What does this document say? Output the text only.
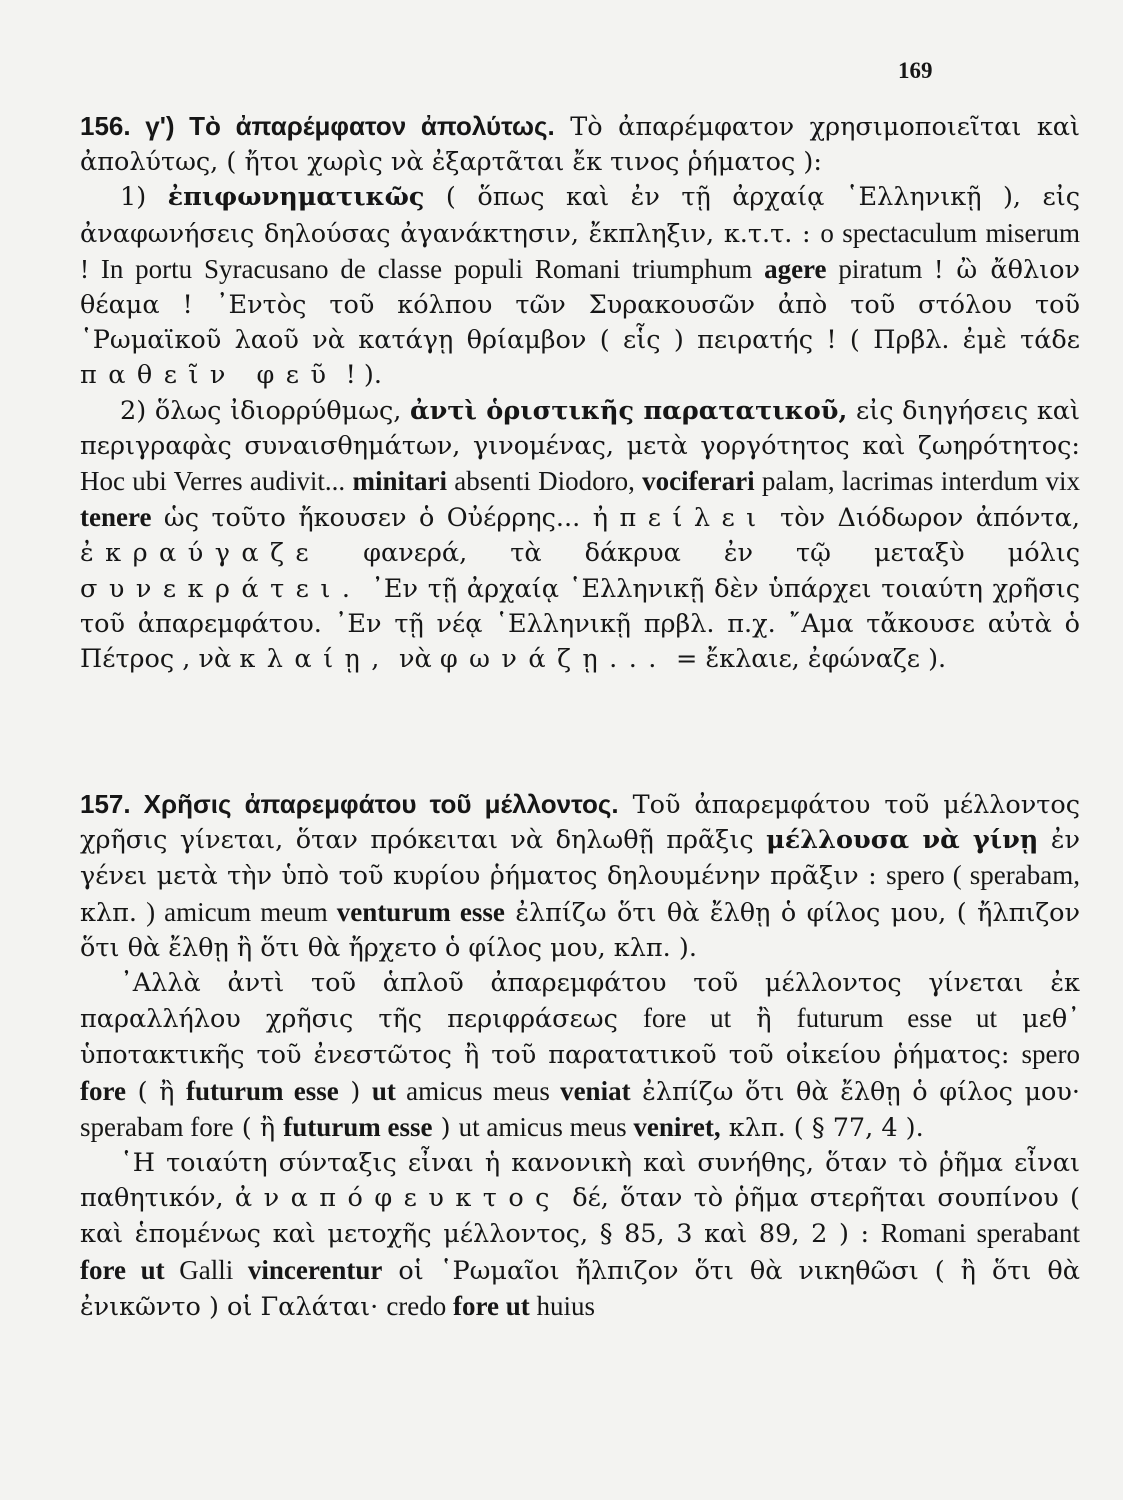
169

156. γ') Τὸ ἀπαρέμφατον ἀπολύτως. Τὸ ἀπαρέμφατον χρησιμοποιεῖται καὶ ἀπολύτως, ( ἤτοι χωρὶς νὰ ἐξαρτᾶται ἔκ τινος ῥήματος ):

1) ἐπιφωνηματικῶς ( ὅπως καὶ ἐν τῇ ἀρχαίᾳ ῾Ελληνικῇ ), εἰς ἀναφωνήσεις δηλούσας ἀγανάκτησιν, ἔκπληξιν, κ.τ.τ. : o spectaculum miserum ! In portu Syracusano de classe populi Romani triumphum agere piratum ! ὢ ἄθλιον θέαμα ! ᾿Εντὸς τοῦ κόλπου τῶν Συρακουσῶν ἀπὸ τοῦ στόλου τοῦ ῾Ρωμαϊκοῦ λαοῦ νὰ κατάγῃ θρίαμβον ( εἷς ) πειρατής ! ( Πρβλ. ἐμὲ τάδε παθεῖν φεῦ ! ).

2) ὅλως ἰδιορρύθμως, ἀντὶ ὁριστικῆς παρατατικοῦ, εἰς διηγήσεις καὶ περιγραφὰς συναισθημάτων, γινομένας, μετὰ γοργότητος καὶ ζωηρότητος: Hoc ubi Verres audivit... minitari absenti Diodoro, vociferari palam, lacrimas interdum vix tenere ὡς τοῦτο ἤκουσεν ὁ Οὐέρρης... ἠπείλει τὸν Διόδωρον ἀπόντα, ἐκραύγαζε φανερά, τὰ δάκρυα ἐν τῷ μεταξὺ μόλις συνεκράτει. ᾿Εν τῇ ἀρχαίᾳ ῾Ελληνικῇ δὲν ὑπάρχει τοιαύτη χρῆσις τοῦ ἀπαρεμφάτου. ᾿Εν τῇ νέᾳ ῾Ελληνικῇ πρβλ. π.χ. ῎Αμα τἄκουσε αὐτὰ ὁ Πέτρος , νὰ κλαίῃ, νὰ φωνάζῃ... = ἔκλαιε, ἐφώναζε ).

157. Χρῆσις ἀπαρεμφάτου τοῦ μέλλοντος. Τοῦ ἀπαρεμφάτου τοῦ μέλλοντος χρῆσις γίνεται, ὅταν πρόκειται νὰ δηλωθῇ πρᾶξις μέλλουσα νὰ γίνῃ ἐν γένει μετὰ τὴν ὑπὸ τοῦ κυρίου ῥήματος δηλουμένην πρᾶξιν : spero ( sperabam, κλπ. ) amicum meum venturum esse ἐλπίζω ὅτι θὰ ἔλθῃ ὁ φίλος μου, ( ἤλπιζον ὅτι θὰ ἔλθῃ ἢ ὅτι θὰ ἤρχετο ὁ φίλος μου, κλπ. ).

᾿Αλλὰ ἀντὶ τοῦ ἁπλοῦ ἀπαρεμφάτου τοῦ μέλλοντος γίνεται ἐκ παραλλήλου χρῆσις τῆς περιφράσεως fore ut ἢ futurum esse ut μεθ᾿ ὑποτακτικῆς τοῦ ἐνεστῶτος ἢ τοῦ παρατατικοῦ τοῦ οἰκείου ῥήματος: spero fore ( ἢ futurum esse ) ut amicus meus veniat ἐλπίζω ὅτι θὰ ἔλθῃ ὁ φίλος μου· sperabam fore ( ἢ futurum esse ) ut amicus meus veniret, κλπ. ( § 77, 4 ).

῾Η τοιαύτη σύνταξις εἶναι ἡ κανονικὴ καὶ συνήθης, ὅταν τὸ ῥῆμα εἶναι παθητικόν, ἀναπόφευκτος δέ, ὅταν τὸ ῥῆμα στερῆται σουπίνου ( καὶ ἑπομένως καὶ μετοχῆς μέλλοντος, § 85, 3 καὶ 89, 2 ) : Romani sperabant fore ut Galli vincerentur οἱ ῾Ρωμαῖοι ἤλπιζον ὅτι θὰ νικηθῶσι ( ἢ ὅτι θὰ ἐνικῶντο ) οἱ Γαλάται· credo fore ut huius
